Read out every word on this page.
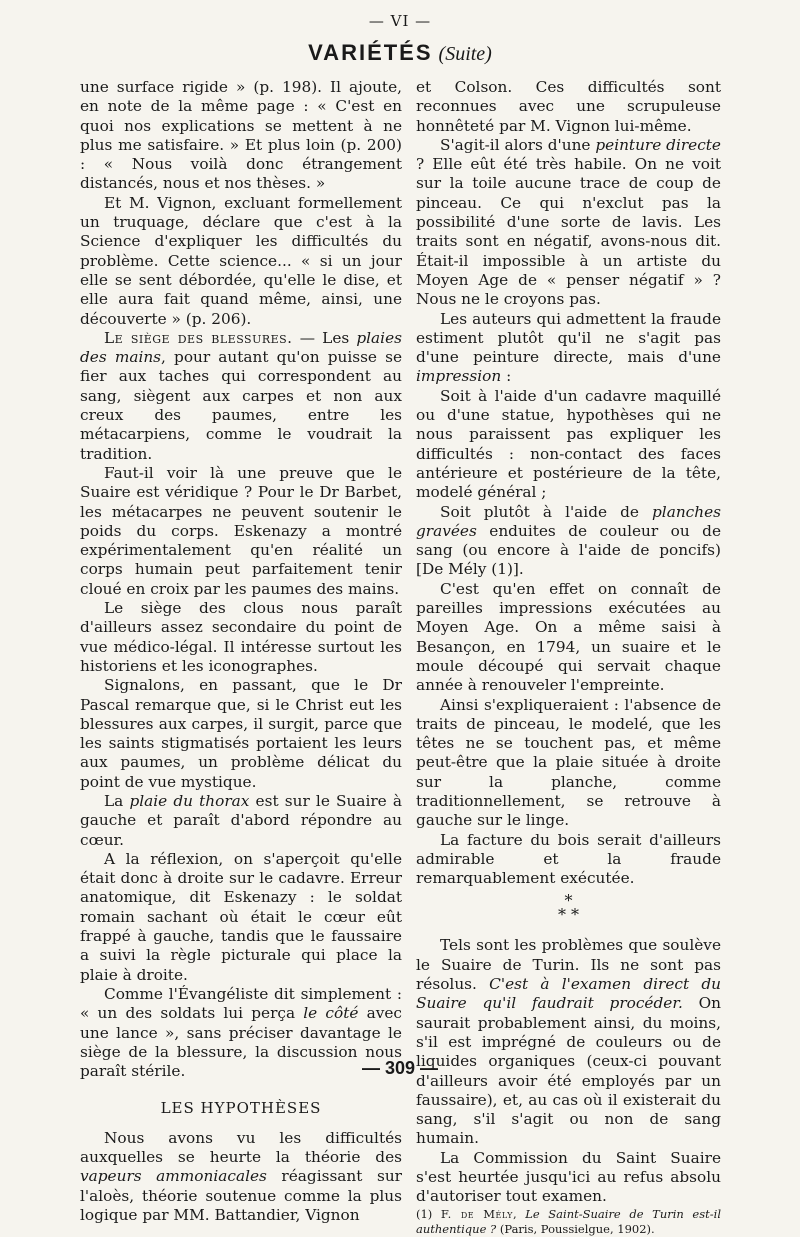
— VI —
VARIÉTÉS (Suite)

une surface rigide » (p. 198). Il ajoute, en note de la même page : « C'est en quoi nos explications se mettent à ne plus me satisfaire. » Et plus loin (p. 200) : « Nous voilà donc étrangement distancés, nous et nos thèses. »

Et M. Vignon, excluant formellement un truquage, déclare que c'est à la Science d'expliquer les difficultés du problème. Cette science... « si un jour elle se sent débordée, qu'elle le dise, et elle aura fait quand même, ainsi, une découverte » (p. 206).

Le siège des blessures. — Les plaies des mains, pour autant qu'on puisse se fier aux taches qui correspondent au sang, siègent aux carpes et non aux creux des paumes, entre les métacarpiens, comme le voudrait la tradition.

Faut-il voir là une preuve que le Suaire est véridique ? Pour le Dr Barbet, les métacarpes ne peuvent soutenir le poids du corps. Eskenazy a montré expérimentalement qu'en réalité un corps humain peut parfaitement tenir cloué en croix par les paumes des mains.

Le siège des clous nous paraît d'ailleurs assez secondaire du point de vue médico-légal. Il intéresse surtout les historiens et les iconographes.

Signalons, en passant, que le Dr Pascal remarque que, si le Christ eut les blessures aux carpes, il surgit, parce que les saints stigmatisés portaient les leurs aux paumes, un problème délicat du point de vue mystique.

La plaie du thorax est sur le Suaire à gauche et paraît d'abord répondre au cœur.

A la réflexion, on s'aperçoit qu'elle était donc à droite sur le cadavre. Erreur anatomique, dit Eskenazy : le soldat romain sachant où était le cœur eût frappé à gauche, tandis que le faussaire a suivi la règle picturale qui place la plaie à droite.

Comme l'Évangéliste dit simplement : « un des soldats lui perça le côté avec une lance », sans préciser davantage le siège de la blessure, la discussion nous paraît stérile.

LES HYPOTHÈSES

Nous avons vu les difficultés auxquelles se heurte la théorie des vapeurs ammoniacales réagissant sur l'aloès, théorie soutenue comme la plus logique par MM. Battandier, Vignon

et Colson. Ces difficultés sont reconnues avec une scrupuleuse honnêteté par M. Vignon lui-même.

S'agit-il alors d'une peinture directe ? Elle eût été très habile. On ne voit sur la toile aucune trace de coup de pinceau. Ce qui n'exclut pas la possibilité d'une sorte de lavis. Les traits sont en négatif, avons-nous dit. Était-il impossible à un artiste du Moyen Age de « penser négatif » ? Nous ne le croyons pas.

Les auteurs qui admettent la fraude estiment plutôt qu'il ne s'agit pas d'une peinture directe, mais d'une impression :

Soit à l'aide d'un cadavre maquillé ou d'une statue, hypothèses qui ne nous paraissent pas expliquer les difficultés : non-contact des faces antérieure et postérieure de la tête, modelé général ;

Soit plutôt à l'aide de planches gravées enduites de couleur ou de sang (ou encore à l'aide de poncifs) [De Mély (1)].

C'est qu'en effet on connaît de pareilles impressions exécutées au Moyen Age. On a même saisi à Besançon, en 1794, un suaire et le moule découpé qui servait chaque année à renouveler l'empreinte.

Ainsi s'expliqueraient : l'absence de traits de pinceau, le modelé, que les têtes ne se touchent pas, et même peut-être que la plaie située à droite sur la planche, comme traditionnellement, se retrouve à gauche sur le linge.

La facture du bois serait d'ailleurs admirable et la fraude remarquablement exécutée.

*
* *

Tels sont les problèmes que soulève le Suaire de Turin. Ils ne sont pas résolus. C'est à l'examen direct du Suaire qu'il faudrait procéder. On saurait probablement ainsi, du moins, s'il est imprégné de couleurs ou de liquides organiques (ceux-ci pouvant d'ailleurs avoir été employés par un faussaire), et, au cas où il existerait du sang, s'il s'agit ou non de sang humain.

La Commission du Saint Suaire s'est heurtée jusqu'ici au refus absolu d'autoriser tout examen.

(1) F. de Mély, Le Saint-Suaire de Turin est-il authentique ? (Paris, Poussielgue, 1902).

— 309 —
